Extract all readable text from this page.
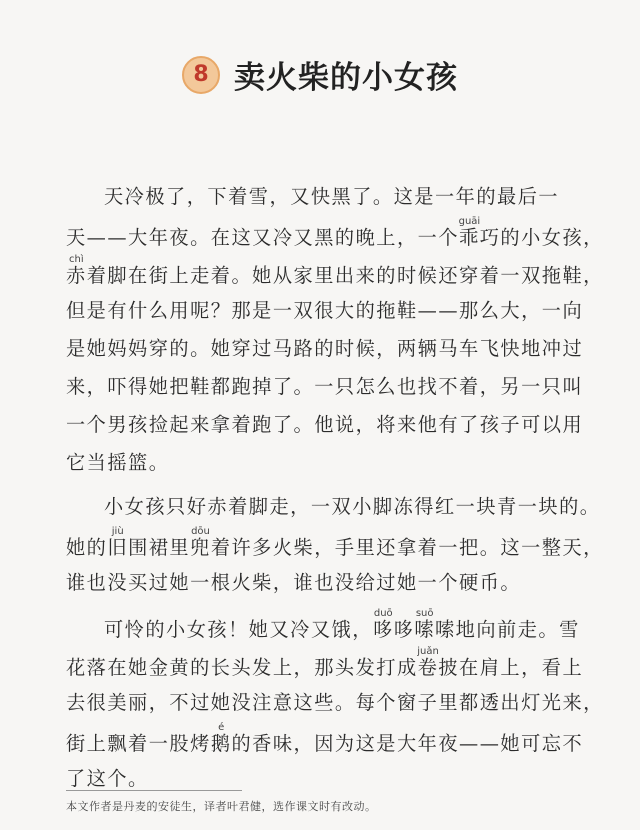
8 卖火柴的小女孩
天冷极了，下着雪，又快黑了。这是一年的最后一
天——大年夜。在这又冷又黑的晚上，一个乖guāi巧的小女孩，
赤chì着脚在街上走着。她从家里出来的时候还穿着一双拖鞋，
但是有什么用呢？那是一双很大的拖鞋——那么大，一向
是她妈妈穿的。她穿过马路的时候，两辆马车飞快地冲过
来，吓得她把鞋都跑掉了。一只怎么也找不着，另一只叫
一个男孩捡起来拿着跑了。他说，将来他有了孩子可以用
它当摇篮。
小女孩只好赤着脚走，一双小脚冻得红一块青一块的。
她的旧jiù围裙里兜dōu着许多火柴，手里还拿着一把。这一整天，
谁也没买过她一根火柴，谁也没给过她一个硬币。
可怜的小女孩！她又冷又饿，哆duō哆嗦suō嗦地向前走。雪
花落在她金黄的长头发上，那头发打成卷juǎn披在肩上，看上
去很美丽，不过她没注意这些。每个窗子里都透出灯光来，
街上飘着一股烤鹅é的香味，因为这是大年夜——她可忘不
了这个。
本文作者是丹麦的安徒生，译者叶君健，选作课文时有改动。
